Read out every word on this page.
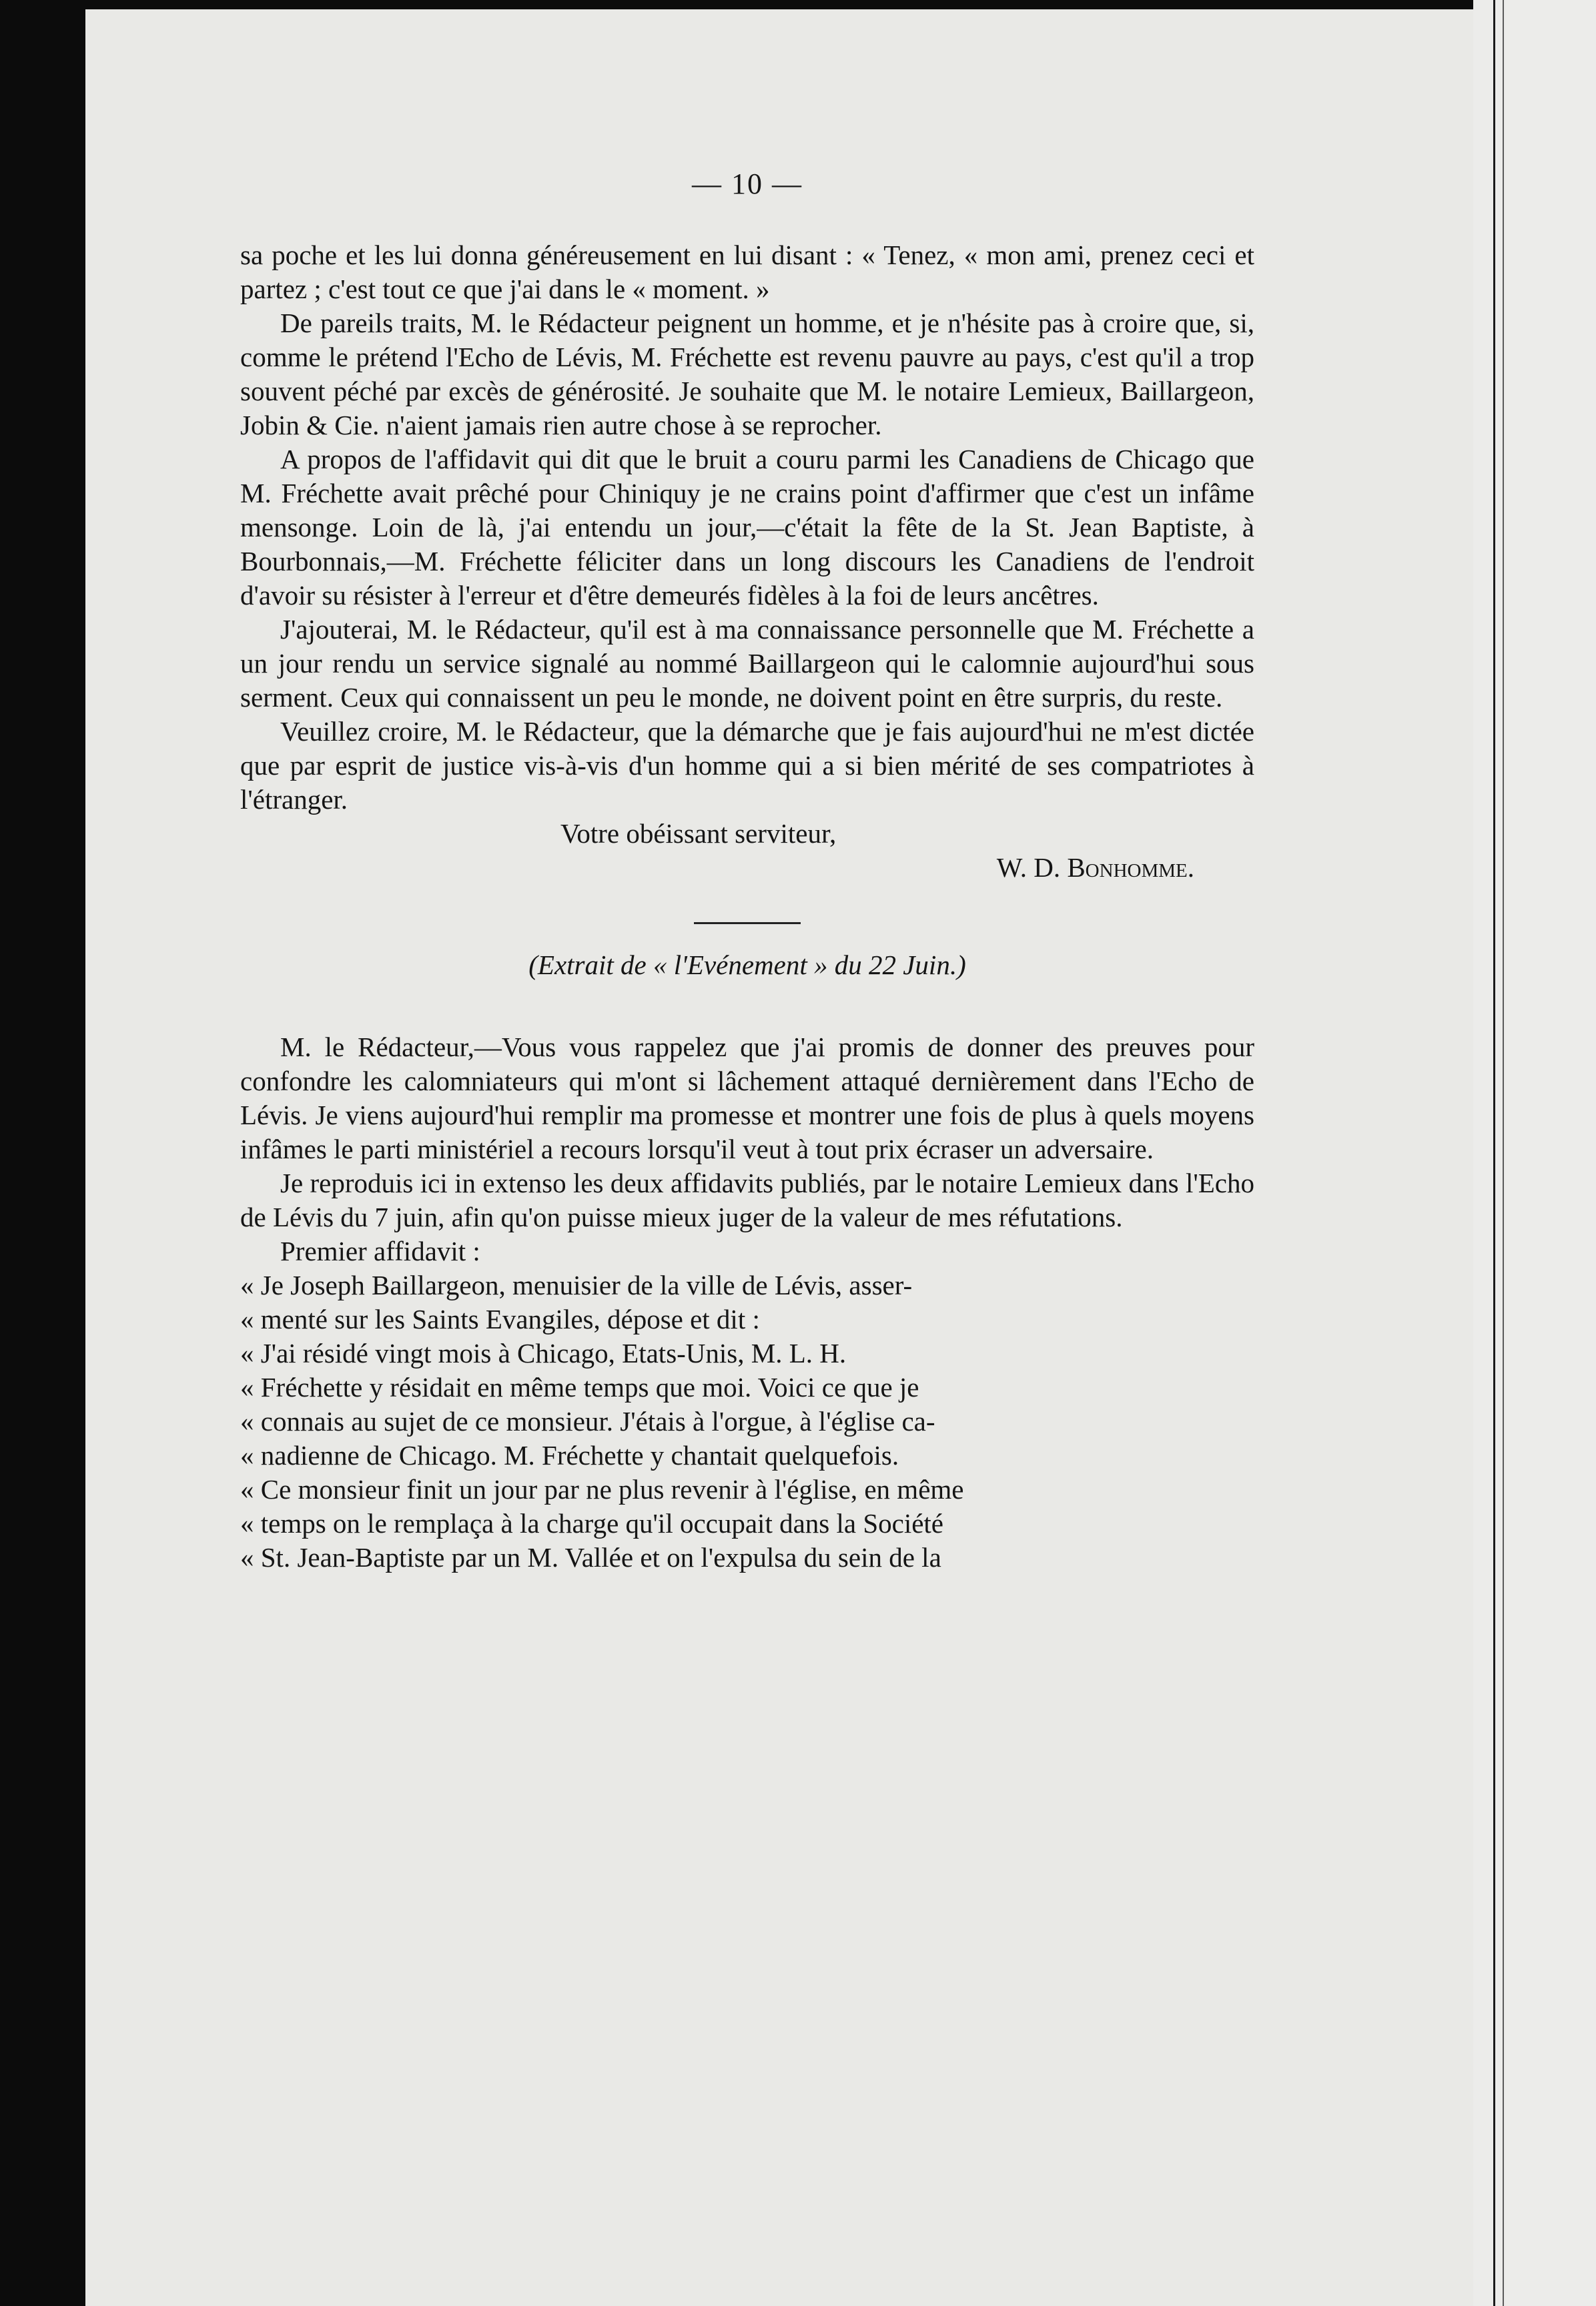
— 10 —

sa poche et les lui donna généreusement en lui disant : « Tenez, « mon ami, prenez ceci et partez ; c'est tout ce que j'ai dans le « moment. »

De pareils traits, M. le Rédacteur peignent un homme, et je n'hésite pas à croire que, si, comme le prétend l'Echo de Lévis, M. Fréchette est revenu pauvre au pays, c'est qu'il a trop souvent péché par excès de générosité. Je souhaite que M. le notaire Lemieux, Baillargeon, Jobin & Cie. n'aient jamais rien autre chose à se reprocher.

A propos de l'affidavit qui dit que le bruit a couru parmi les Canadiens de Chicago que M. Fréchette avait prêché pour Chiniquy je ne crains point d'affirmer que c'est un infâme mensonge. Loin de là, j'ai entendu un jour,—c'était la fête de la St. Jean Baptiste, à Bourbonnais,—M. Fréchette féliciter dans un long discours les Canadiens de l'endroit d'avoir su résister à l'erreur et d'être demeurés fidèles à la foi de leurs ancêtres.

J'ajouterai, M. le Rédacteur, qu'il est à ma connaissance personnelle que M. Fréchette a un jour rendu un service signalé au nommé Baillargeon qui le calomnie aujourd'hui sous serment. Ceux qui connaissent un peu le monde, ne doivent point en être surpris, du reste.

Veuillez croire, M. le Rédacteur, que la démarche que je fais aujourd'hui ne m'est dictée que par esprit de justice vis-à-vis d'un homme qui a si bien mérité de ses compatriotes à l'étranger.

Votre obéissant serviteur,

W. D. Bonhomme.

(Extrait de « l'Evénement » du 22 Juin.)

M. le Rédacteur,—Vous vous rappelez que j'ai promis de donner des preuves pour confondre les calomniateurs qui m'ont si lâchement attaqué dernièrement dans l'Echo de Lévis. Je viens aujourd'hui remplir ma promesse et montrer une fois de plus à quels moyens infâmes le parti ministériel a recours lorsqu'il veut à tout prix écraser un adversaire.

Je reproduis ici in extenso les deux affidavits publiés, par le notaire Lemieux dans l'Echo de Lévis du 7 juin, afin qu'on puisse mieux juger de la valeur de mes réfutations.

Premier affidavit :

« Je Joseph Baillargeon, menuisier de la ville de Lévis, asser-

« menté sur les Saints Evangiles, dépose et dit :

« J'ai résidé vingt mois à Chicago, Etats-Unis, M. L. H.

« Fréchette y résidait en même temps que moi. Voici ce que je

« connais au sujet de ce monsieur. J'étais à l'orgue, à l'église ca-

« nadienne de Chicago. M. Fréchette y chantait quelquefois.

« Ce monsieur finit un jour par ne plus revenir à l'église, en même

« temps on le remplaça à la charge qu'il occupait dans la Société

« St. Jean-Baptiste par un M. Vallée et on l'expulsa du sein de la
